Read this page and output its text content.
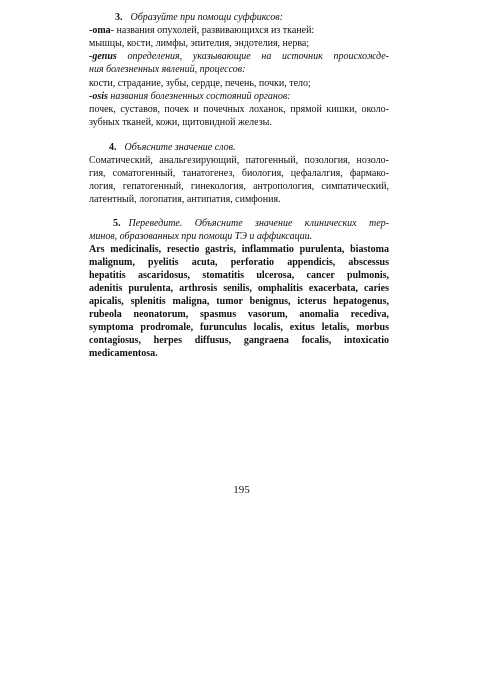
3. Образуйте при помощи суффиксов:
-oma- названия опухолей, развивающихся из тканей:
мышцы, кости, лимфы, эпителия, эндотелия, нерва;
-genus определения, указывающие на источник происхожде-
ния болезненных явлений, процессов:
кости, страдание, зубы, сердце, печень, почки, тело;
-osis названия болезненных состояний органов:
почек, суставов, почек и почечных лоханок, прямой кишки, около-
зубных тканей, кожи, щитовидной железы.
4. Объясните значение слов.
Соматический, анальгезирующий, патогенный, позология, нозоло-
гия, соматогенный, танатогенез, биология, цефалалгия, фармако-
логия, гепатогенный, гинекология, антропология, симпатический,
латентный, логопатия, антипатия, симфония.
5. Переведите. Объясните значение клинических тер-
минов, образованных при помощи ТЭ и аффиксации.
Ars medicinalis, resectio gastris, inflammatio purulenta, biastoma
malignum, pyelitis acuta, perforatio appendicis, abscessus
hepatitis ascaridosus, stomatitis ulcerosa, cancer pulmonis,
adenitis purulenta, arthrosis senilis, omphalitis exacerbata, caries
apicalis, splenitis maligna, tumor benignus, icterus hepatogenus,
rubeola neonatorum, spasmus vasorum, anomalia recediva,
symptoma prodromale, furunculus localis, exitus letalis, morbus
contagiosus, herpes diffusus, gangraena focalis, intoxicatio
medicamentosa.
195
